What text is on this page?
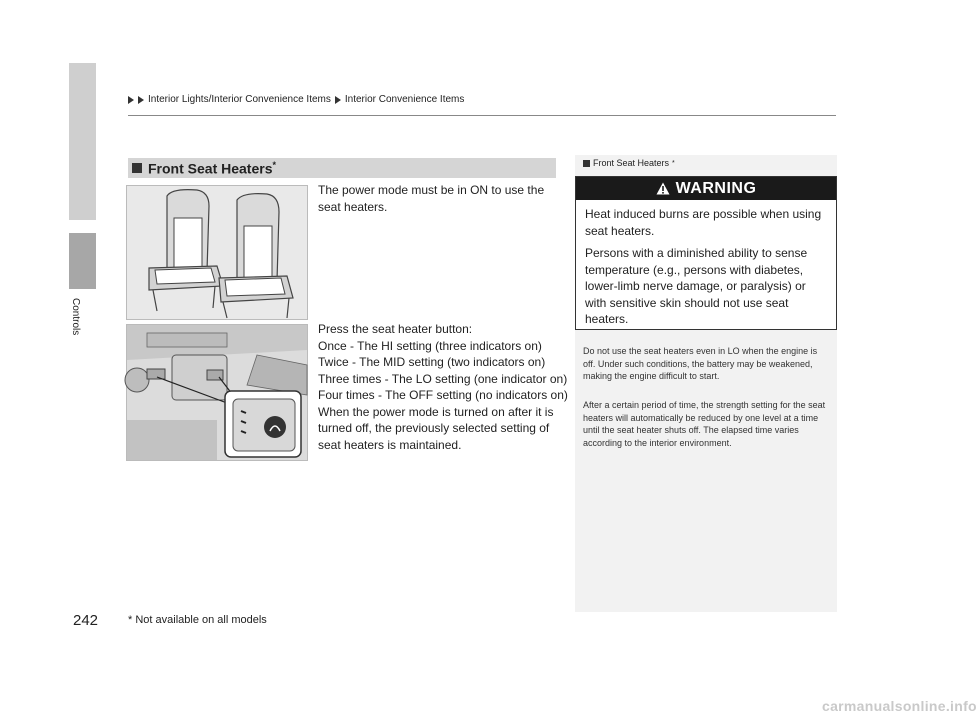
Controls
242
Interior Lights/Interior Convenience Items Interior Convenience Items
Front Seat Heaters*
The power mode must be in ON to use the seat heaters.
Press the seat heater button:
Once - The HI setting (three indicators on)
Twice - The MID setting (two indicators on)
Three times - The LO setting (one indicator on)
Four times - The OFF setting (no indicators on)
When the power mode is turned on after it is turned off, the previously selected setting of seat heaters is maintained.
Front Seat Heaters *
WARNING

Heat induced burns are possible when using seat heaters.

Persons with a diminished ability to sense temperature (e.g., persons with diabetes, lower-limb nerve damage, or paralysis) or with sensitive skin should not use seat heaters.

Do not use the seat heaters even in LO when the engine is off. Under such conditions, the battery may be weakened, making the engine difficult to start.
After a certain period of time, the strength setting for the seat heaters will automatically be reduced by one level at a time until the seat heater shuts off. The elapsed time varies according to the interior environment.
* Not available on all models
carmanualsonline.info
